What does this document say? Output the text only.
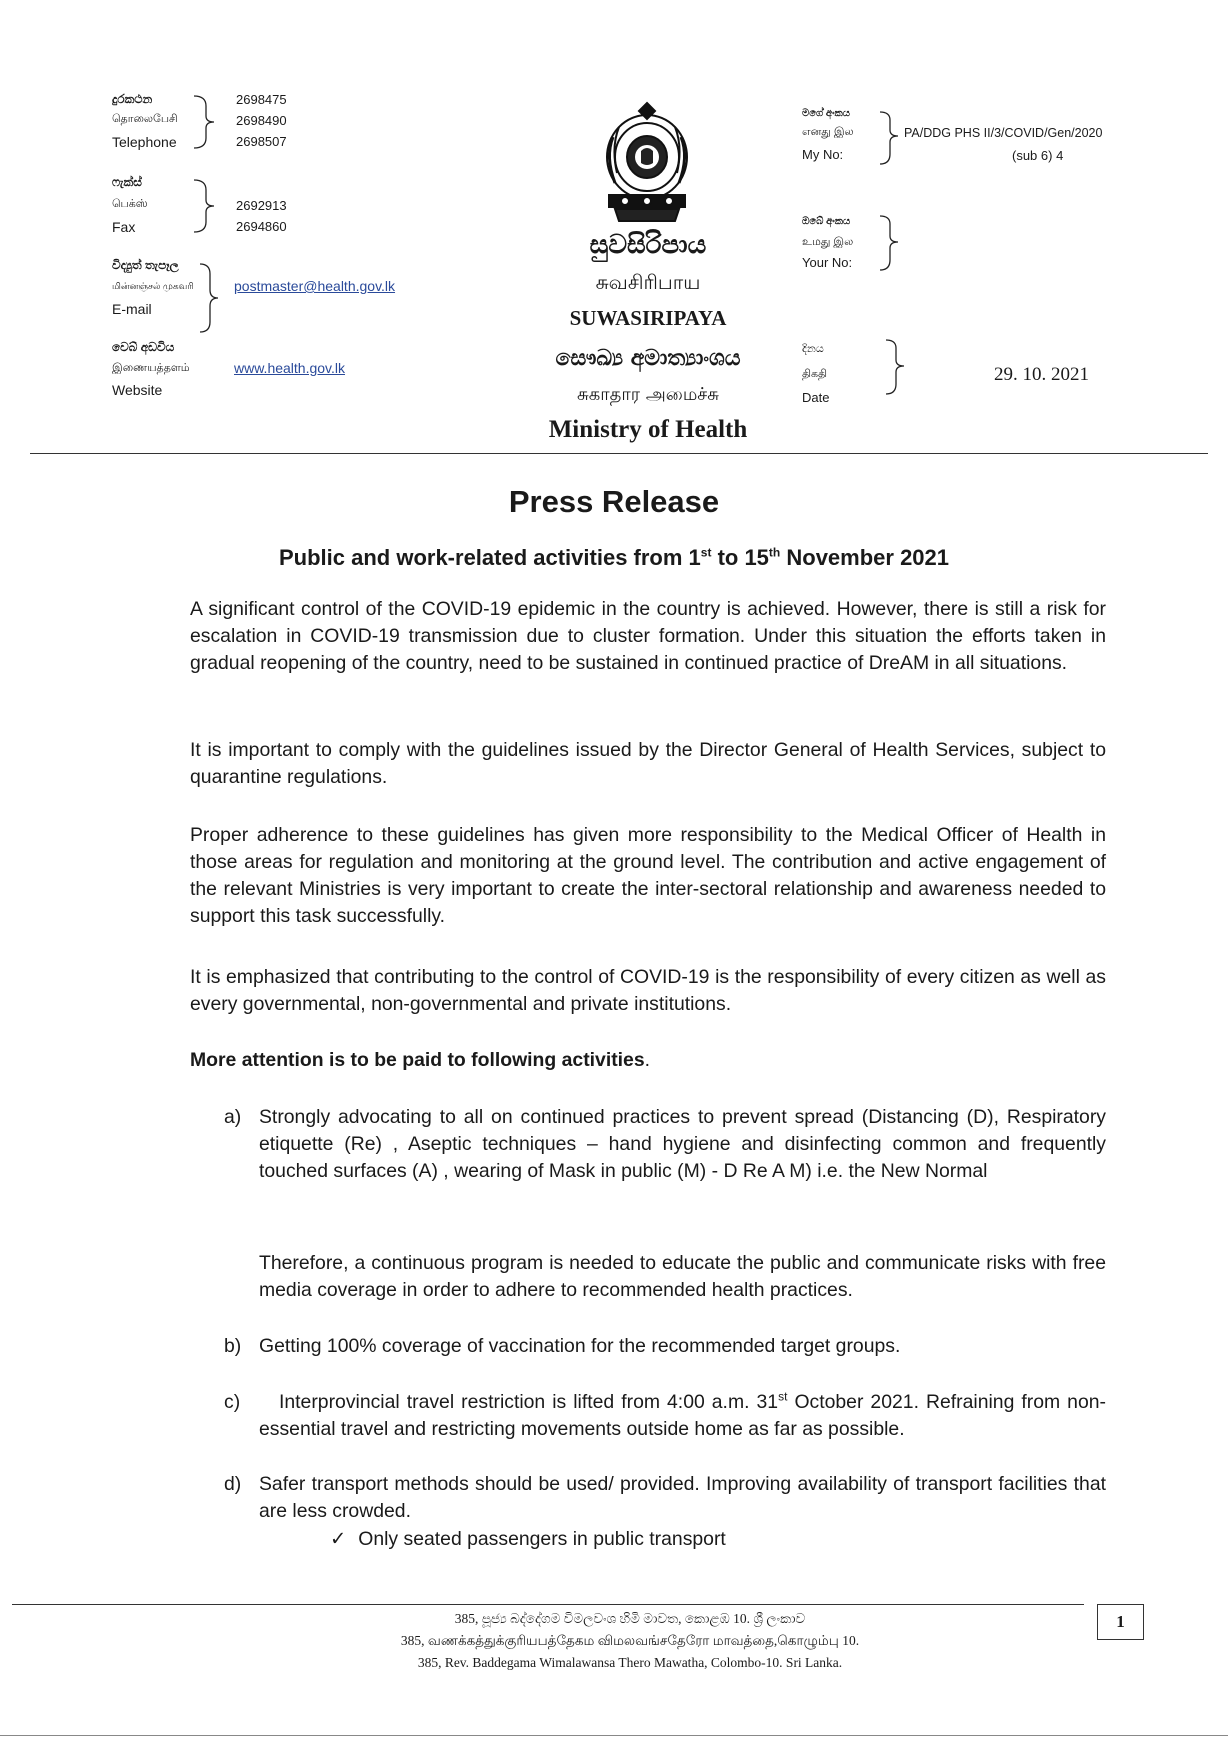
දුරකථන
தொலைபேசி
Telephone
2698475
2698490
2698507
ෆැක්ස්
பெக்ஸ்
Fax
2692913
2694860
විද්‍යුත් තැපෑල
மின்னஞ்சல் முகவரி
E-mail
postmaster@health.gov.lk
වෙබ් අඩවිය
இணையத்தளம்
Website
www.health.gov.lk
සුවසිරිපාය
சுவசிரிபாய
SUWASIRIPAYA
සෞඛ්‍ය අමාත්‍යාංශය
சுகாதார அமைச்சு
Ministry of Health
මගේ අංකය
எனது இல
My No:
PA/DDG PHS II/3/COVID/Gen/2020
(sub 6) 4
ඔබේ අංකය
உமது இல
Your No:
දිනය
திகதி
Date
29. 10. 2021
Press Release
Public and work-related activities from 1st to 15th November 2021
A significant control of the COVID-19 epidemic in the country is achieved. However, there is still a risk for escalation in COVID-19 transmission due to cluster formation. Under this situation the efforts taken in gradual reopening of the country, need to be sustained in continued practice of DreAM in all situations.
It is important to comply with the guidelines issued by the Director General of Health Services, subject to quarantine regulations.
Proper adherence to these guidelines has given more responsibility to the Medical Officer of Health in those areas for regulation and monitoring at the ground level. The contribution and active engagement of the relevant Ministries is very important to create the inter-sectoral relationship and awareness needed to support this task successfully.
It is emphasized that contributing to the control of COVID-19 is the responsibility of every citizen as well as every governmental, non-governmental and private institutions.
More attention is to be paid to following activities.
a) Strongly advocating to all on continued practices to prevent spread (Distancing (D), Respiratory etiquette (Re) , Aseptic techniques – hand hygiene and disinfecting common and frequently touched surfaces (A) , wearing of Mask in public (M) - D Re A M) i.e. the New Normal
Therefore, a continuous program is needed to educate the public and communicate risks with free media coverage in order to adhere to recommended health practices.
b) Getting 100% coverage of vaccination for the recommended target groups.
c)	Interprovincial travel restriction is lifted from 4:00 a.m. 31st October 2021. Refraining from non-essential travel and restricting movements outside home as far as possible.
d) Safer transport methods should be used/ provided. Improving availability of transport facilities that are less crowded.
✓ Only seated passengers in public transport
1
385, පූජ්‍ය බද්දේගම විමලවංශ හිමි මාවත, කොළඹ 10. ශ්‍රී ලංකාව
385, வணக்கத்துக்குரியபத்தேகம விமலவங்சதேரோ மாவத்தை,கொழும்பு 10.
385, Rev. Baddegama Wimalawansa Thero Mawatha, Colombo-10. Sri Lanka.
